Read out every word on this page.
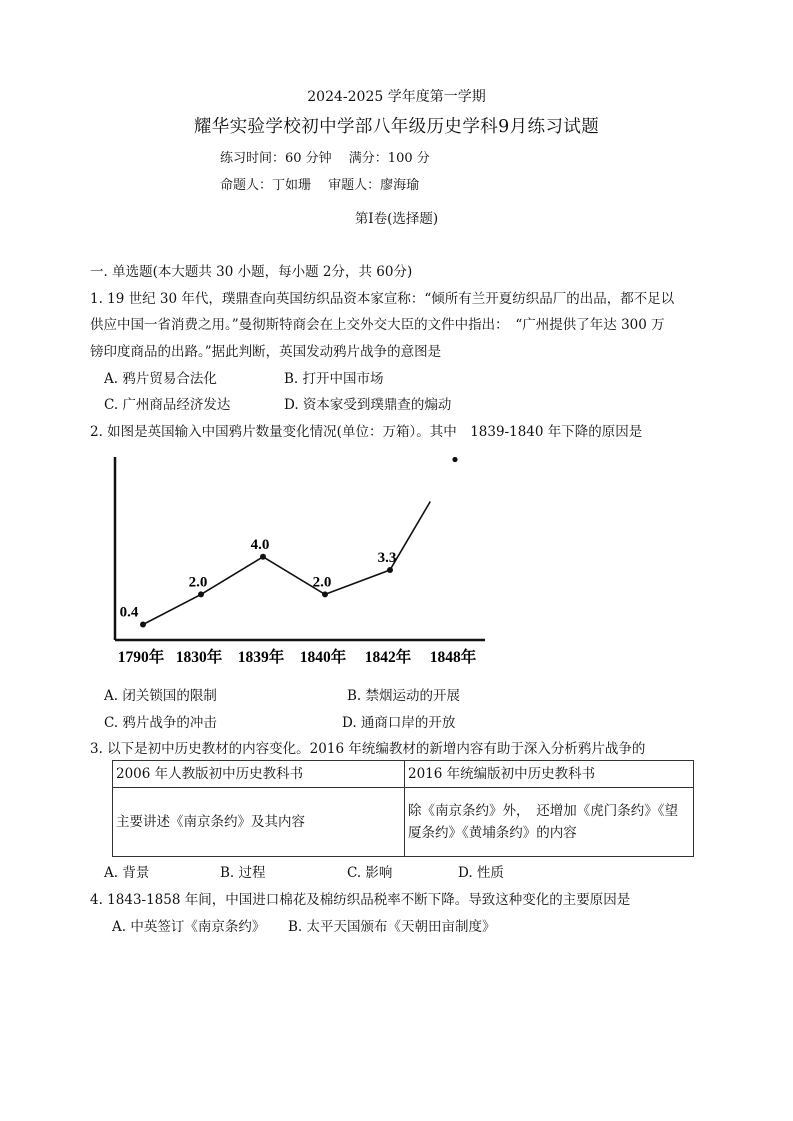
2024-2025 学年度第一学期
耀华实验学校初中学部八年级历史学科9月练习试题
练习时间：60 分钟　 满分：100 分
命题人：丁如珊　 审题人：廖海瑜
第Ⅰ卷(选择题)
一. 单选题(本大题共 30 小题，每小题 2分，共 60分)
1. 19 世纪 30 年代，璞鼎查向英国纺织品资本家宣称：“倾所有兰开夏纺织品厂的出品，都不足以
供应中国一省消费之用。”曼彻斯特商会在上交外交大臣的文件中指出：　“广州提供了年达 300 万
镑印度商品的出路。”据此判断，英国发动鸦片战争的意图是
A. 鸦片贸易合法化	B. 打开中国市场
C. 广州商品经济发达	D. 资本家受到璞鼎查的煽动
2. 如图是英国输入中国鸦片数量变化情况(单位：万箱）。其中　1839-1840 年下降的原因是
0.4
2.0
4.0
2.0
3.3
1790年 1830年 1839年 1840年 1842年 1848年
A. 闭关锁国的限制	B. 禁烟运动的开展
C. 鸦片战争的冲击	D. 通商口岸的开放
3. 以下是初中历史教材的内容变化。2016 年统编教材的新增内容有助于深入分析鸦片战争的
2006 年人教版初中历史教科书	2016 年统编版初中历史教科书
主要讲述《南京条约》及其内容	除《南京条约》外，　还增加《虎门条约》《望
厦条约》《黄埔条约》的内容
A. 背景	B. 过程	C. 影响	D. 性质
4. 1843-1858 年间，中国进口棉花及棉纺织品税率不断下降。导致这种变化的主要原因是
A. 中英签订《南京条约》 B. 太平天国颁布《天朝田亩制度》
